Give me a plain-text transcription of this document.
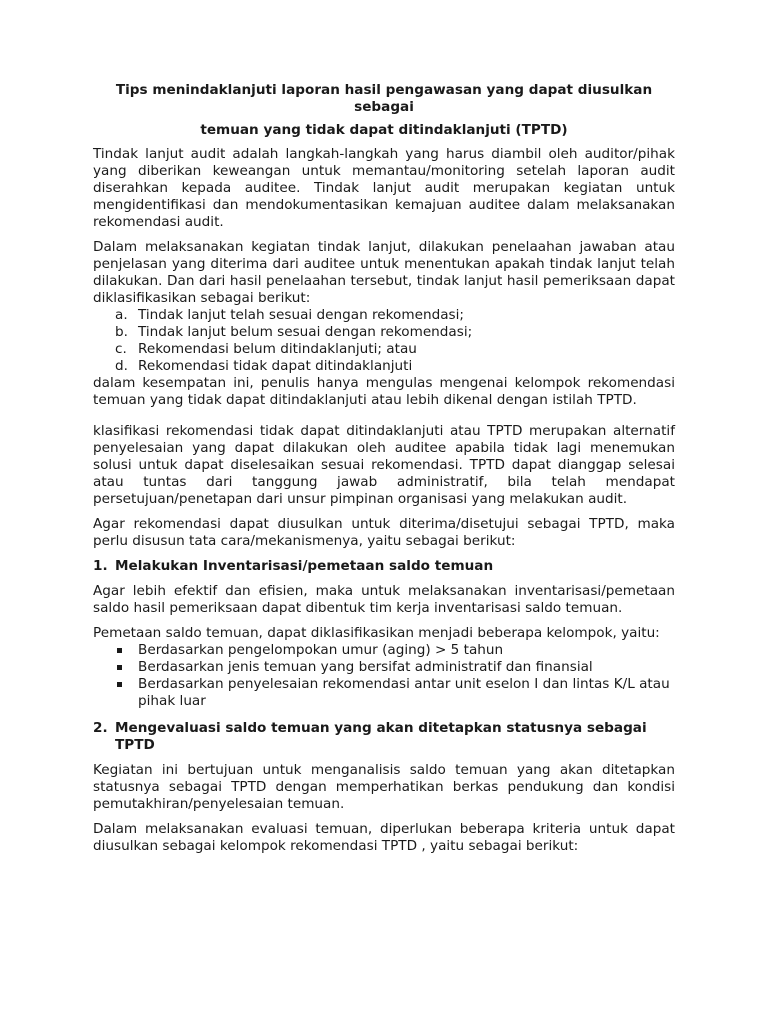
Tips menindaklanjuti laporan hasil pengawasan yang dapat diusulkan sebagai
temuan yang tidak dapat ditindaklanjuti (TPTD)

Tindak lanjut audit adalah langkah-langkah yang harus diambil oleh auditor/pihak yang diberikan keweangan untuk memantau/monitoring setelah laporan audit diserahkan kepada auditee. Tindak lanjut audit merupakan kegiatan untuk mengidentifikasi dan mendokumentasikan kemajuan auditee dalam melaksanakan rekomendasi audit.

Dalam melaksanakan kegiatan tindak lanjut, dilakukan penelaahan jawaban atau penjelasan yang diterima dari auditee untuk menentukan apakah tindak lanjut telah dilakukan. Dan dari hasil penelaahan tersebut, tindak lanjut hasil pemeriksaan dapat diklasifikasikan sebagai berikut:

a. Tindak lanjut telah sesuai dengan rekomendasi;
b. Tindak lanjut belum sesuai dengan rekomendasi;
c. Rekomendasi belum ditindaklanjuti; atau
d. Rekomendasi tidak dapat ditindaklanjuti

dalam kesempatan ini, penulis hanya mengulas mengenai kelompok rekomendasi temuan yang tidak dapat ditindaklanjuti atau lebih dikenal dengan istilah TPTD.

klasifikasi rekomendasi tidak dapat ditindaklanjuti atau TPTD merupakan alternatif penyelesaian yang dapat dilakukan oleh auditee apabila tidak lagi menemukan solusi untuk dapat diselesaikan sesuai rekomendasi. TPTD dapat dianggap selesai atau tuntas dari tanggung jawab administratif, bila telah mendapat persetujuan/penetapan dari unsur pimpinan organisasi yang melakukan audit.

Agar rekomendasi dapat diusulkan untuk diterima/disetujui sebagai TPTD, maka perlu disusun tata cara/mekanismenya, yaitu sebagai berikut:

1. Melakukan Inventarisasi/pemetaan saldo temuan

Agar lebih efektif dan efisien, maka untuk melaksanakan inventarisasi/pemetaan saldo hasil pemeriksaan dapat dibentuk tim kerja inventarisasi saldo temuan.

Pemetaan saldo temuan, dapat diklasifikasikan menjadi beberapa kelompok, yaitu:

Berdasarkan pengelompokan umur (aging) > 5 tahun
Berdasarkan jenis temuan yang bersifat administratif dan finansial
Berdasarkan penyelesaian rekomendasi antar unit eselon I dan lintas K/L atau pihak luar
2. Mengevaluasi saldo temuan yang akan ditetapkan statusnya sebagai TPTD

Kegiatan ini bertujuan untuk menganalisis saldo temuan yang akan ditetapkan statusnya sebagai TPTD dengan memperhatikan berkas pendukung dan kondisi pemutakhiran/penyelesaian temuan.

Dalam melaksanakan evaluasi temuan, diperlukan beberapa kriteria untuk dapat diusulkan sebagai kelompok rekomendasi TPTD , yaitu sebagai berikut:
